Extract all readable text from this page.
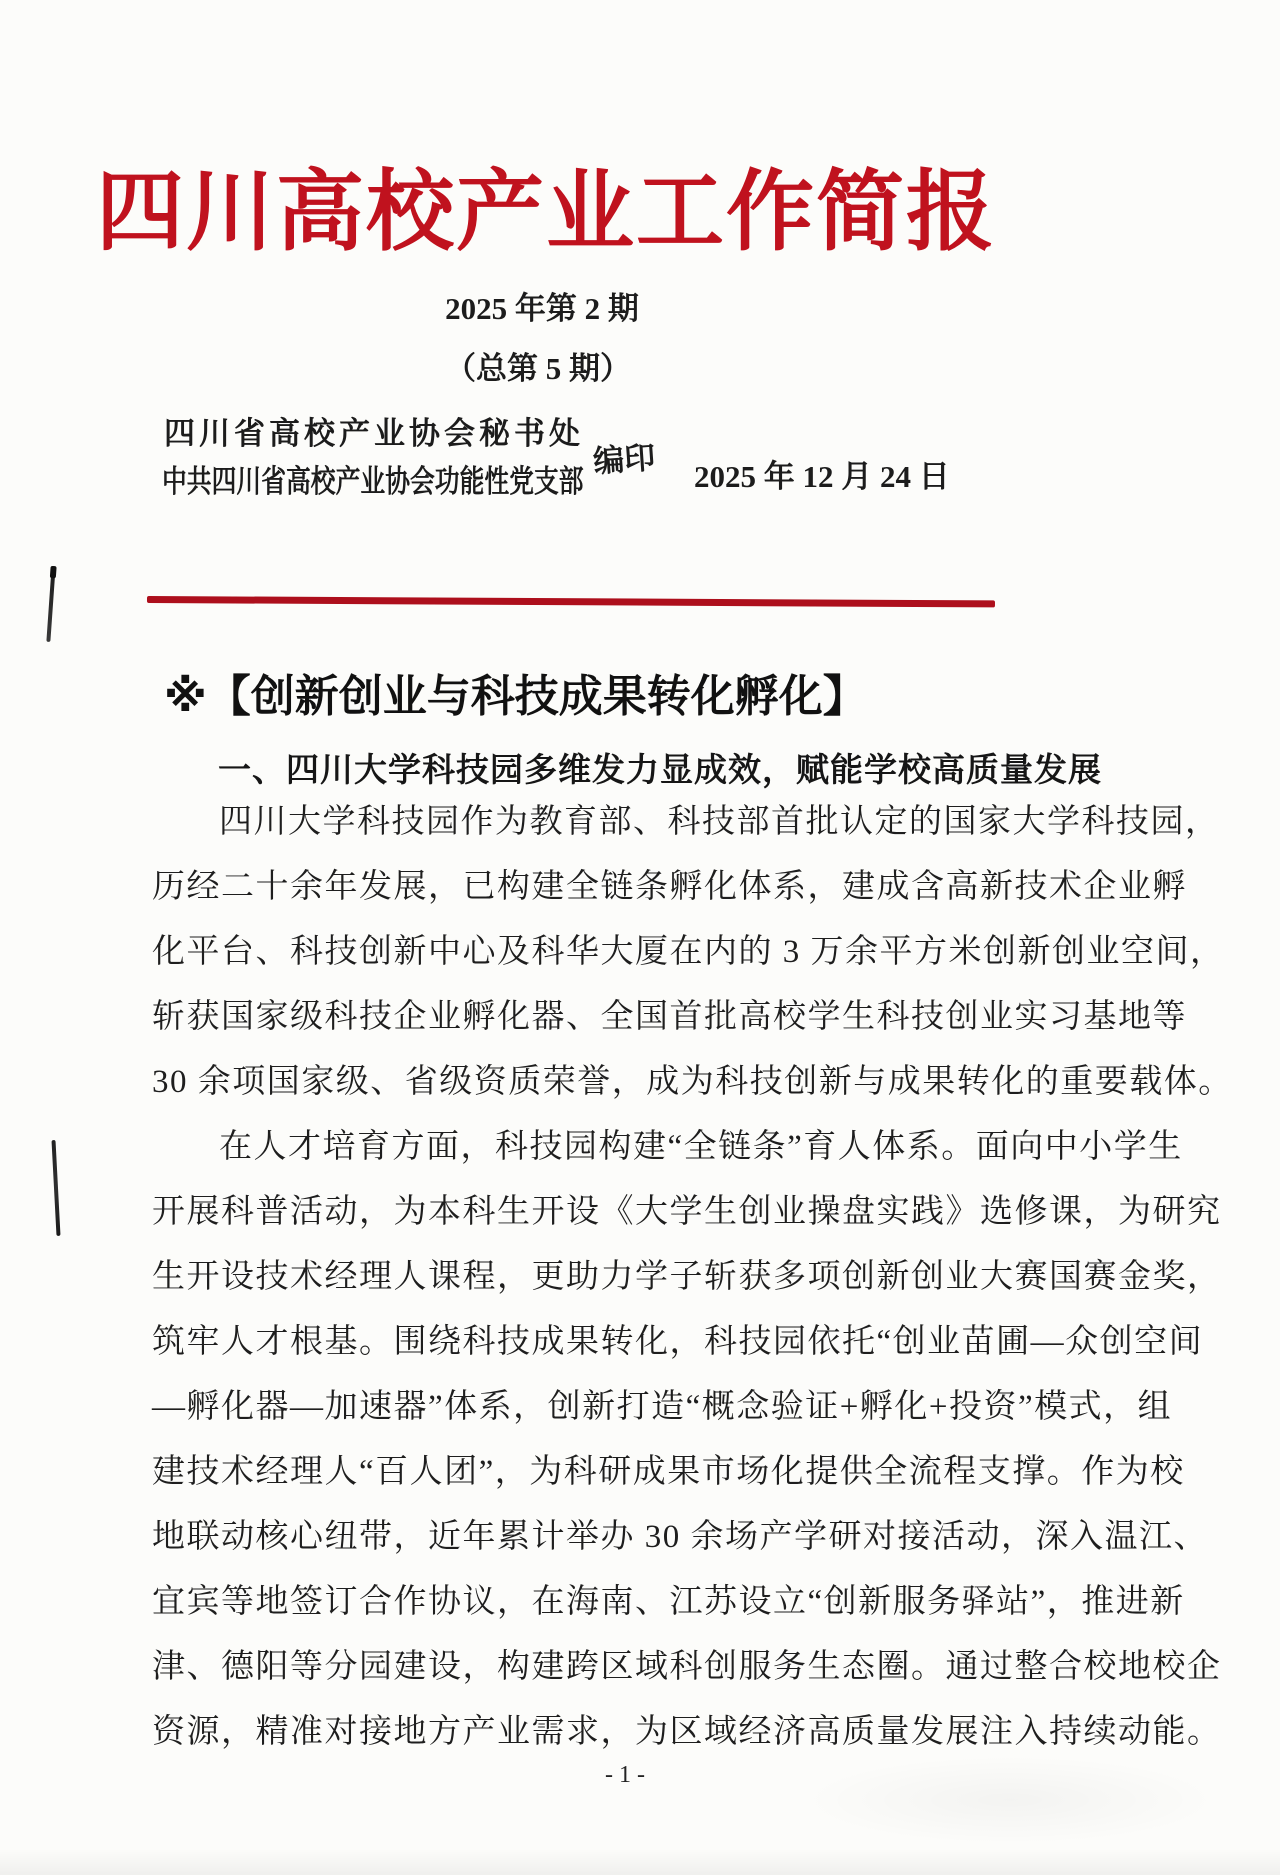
四川高校产业工作简报
2025 年第 2 期
（总第 5 期）
四川省高校产业协会秘书处
中共四川省高校产业协会功能性党支部
编印 2025 年 12 月 24 日
※【创新创业与科技成果转化孵化】
一、四川大学科技园多维发力显成效，赋能学校高质量发展
四川大学科技园作为教育部、科技部首批认定的国家大学科技园，
历经二十余年发展，已构建全链条孵化体系，建成含高新技术企业孵
化平台、科技创新中心及科华大厦在内的 3 万余平方米创新创业空间，
斩获国家级科技企业孵化器、全国首批高校学生科技创业实习基地等
30 余项国家级、省级资质荣誉，成为科技创新与成果转化的重要载体。
在人才培育方面，科技园构建“全链条”育人体系。面向中小学生
开展科普活动，为本科生开设《大学生创业操盘实践》选修课，为研究
生开设技术经理人课程，更助力学子斩获多项创新创业大赛国赛金奖，
筑牢人才根基。围绕科技成果转化，科技园依托“创业苗圃—众创空间
—孵化器—加速器”体系，创新打造“概念验证+孵化+投资”模式，组
建技术经理人“百人团”，为科研成果市场化提供全流程支撑。作为校
地联动核心纽带，近年累计举办 30 余场产学研对接活动，深入温江、
宜宾等地签订合作协议，在海南、江苏设立“创新服务驿站”，推进新
津、德阳等分园建设，构建跨区域科创服务生态圈。通过整合校地校企
资源，精准对接地方产业需求，为区域经济高质量发展注入持续动能。
- 1 -
